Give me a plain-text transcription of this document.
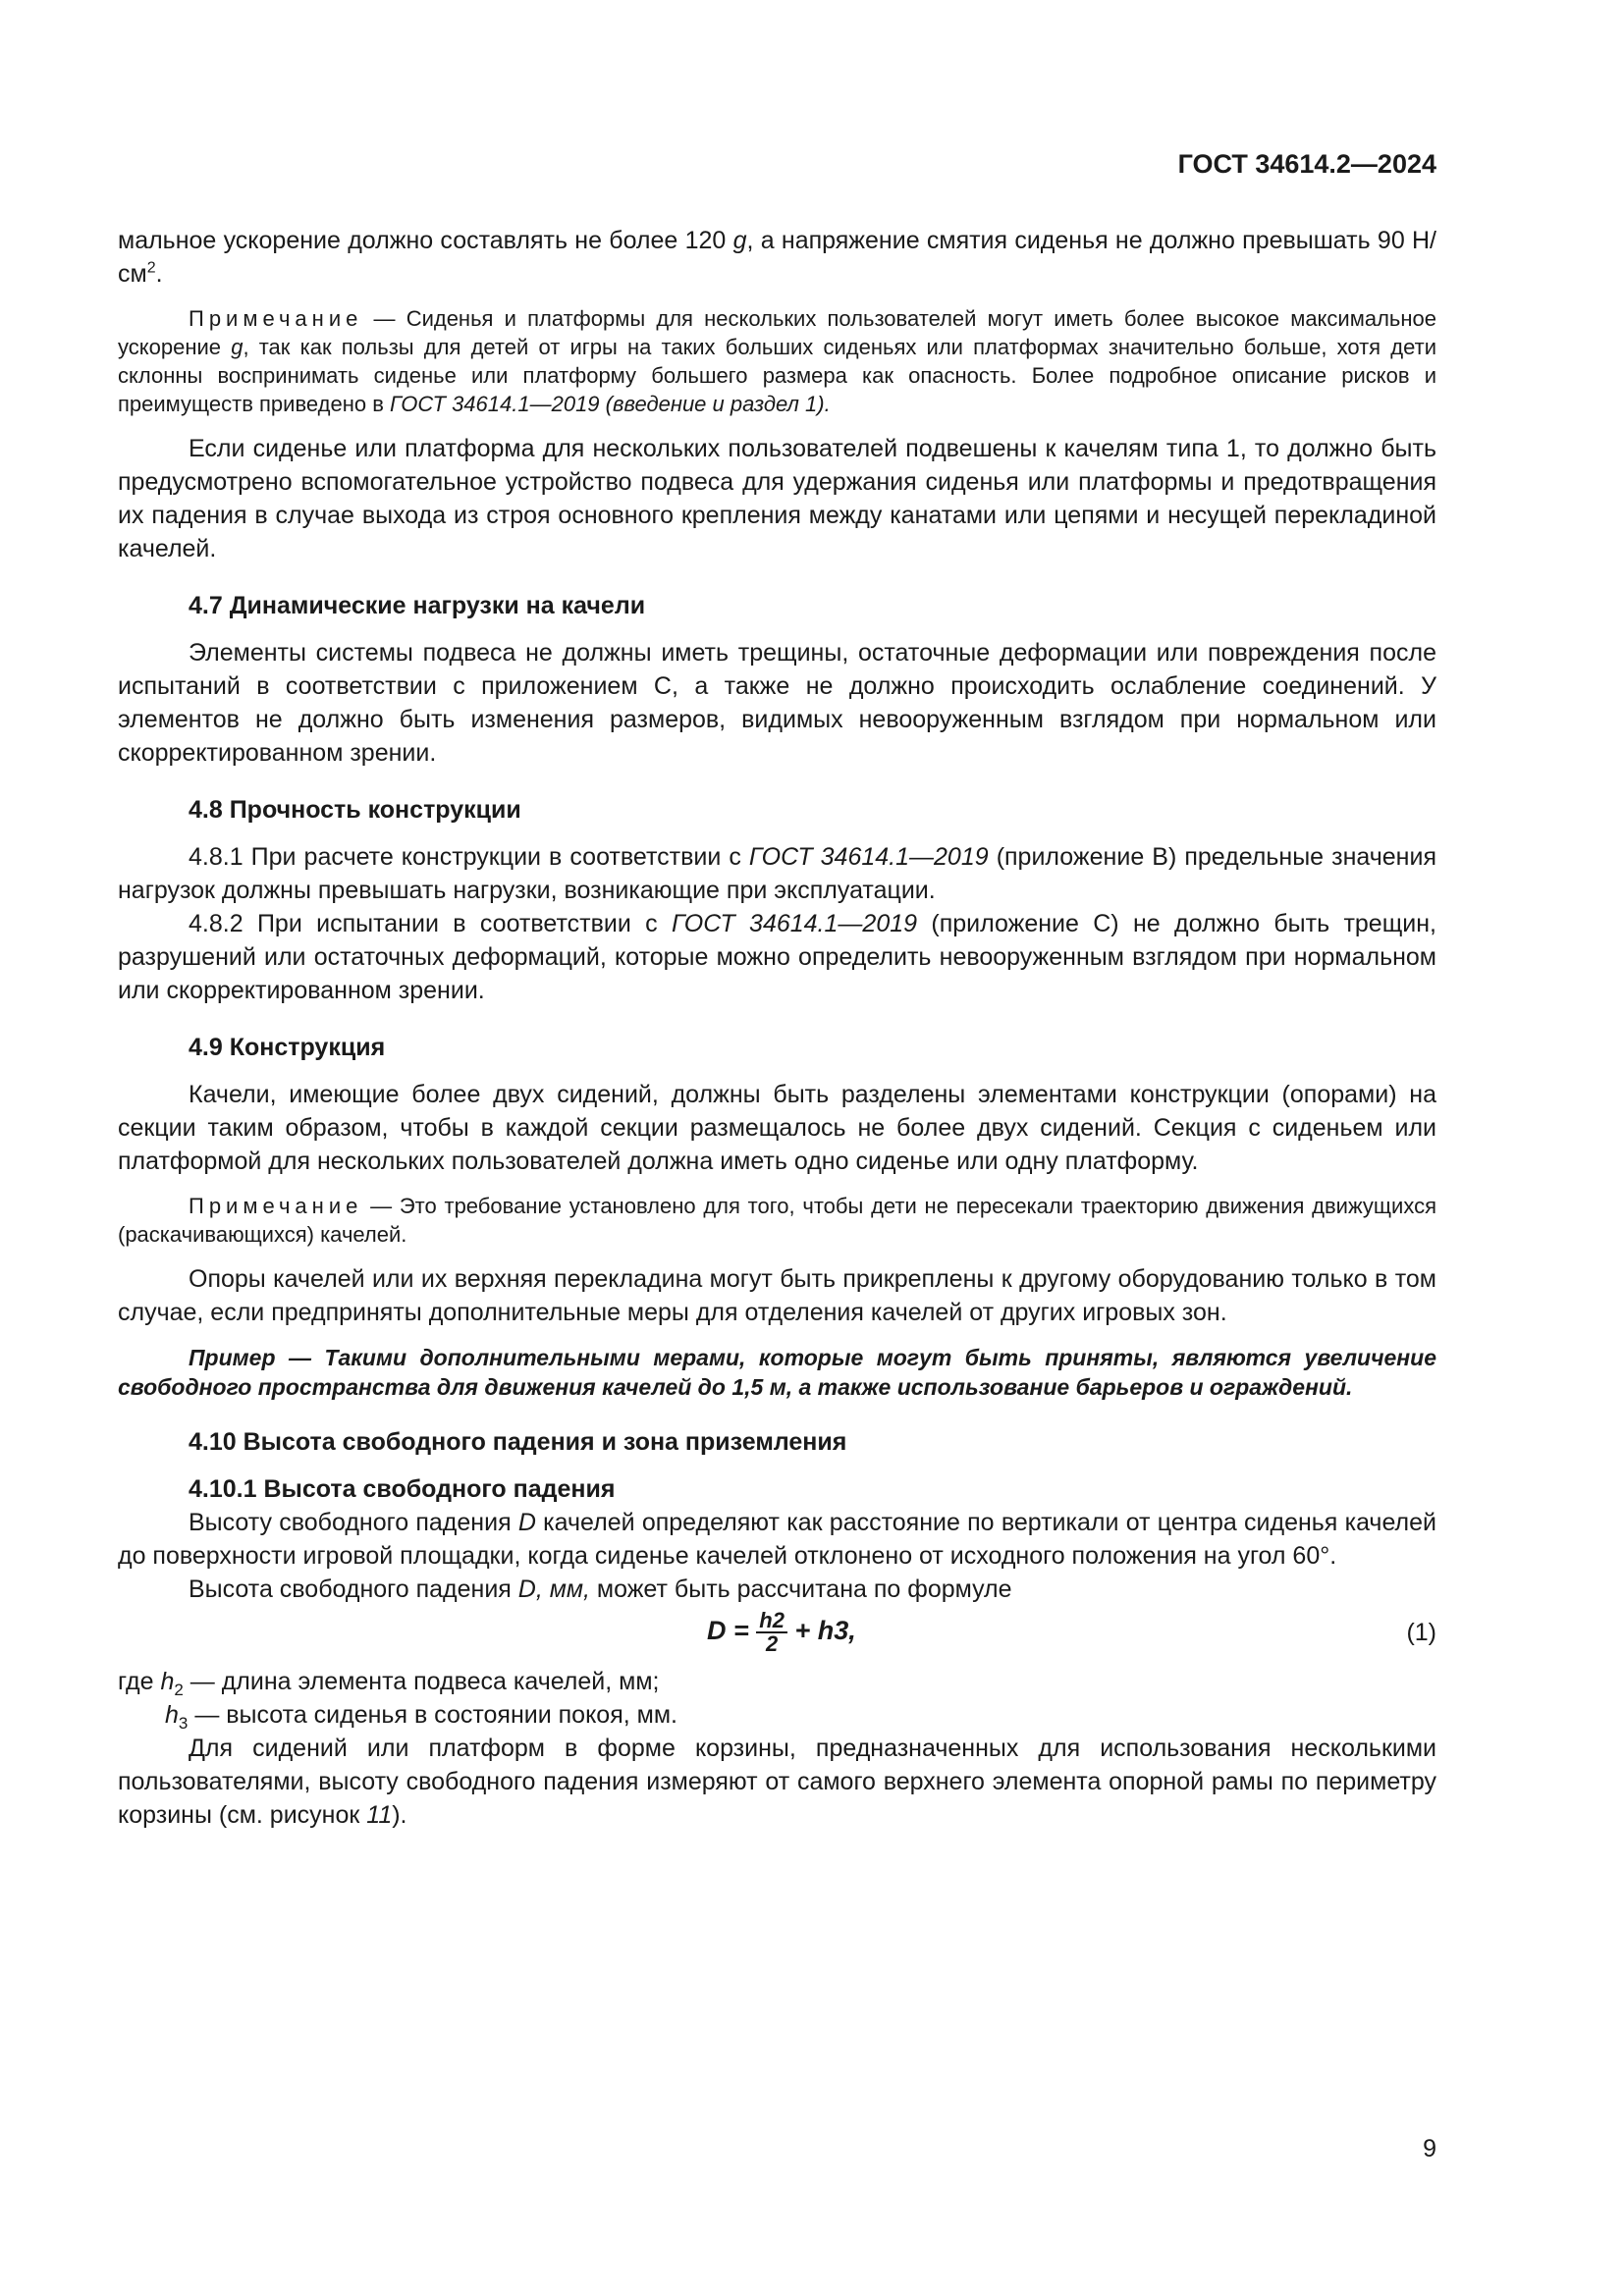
ГОСТ 34614.2—2024

мальное ускорение должно составлять не более 120 g, а напряжение смятия сиденья не должно превышать 90 $Н/см^2$.

Примечание — Сиденья и платформы для нескольких пользователей могут иметь более высокое максимальное ускорение g, так как пользы для детей от игры на таких больших сиденьях или платформах значительно больше, хотя дети склонны воспринимать сиденье или платформу большего размера как опасность. Более подробное описание рисков и преимуществ приведено в ГОСТ 34614.1—2019 (введение и раздел 1).

Если сиденье или платформа для нескольких пользователей подвешены к качелям типа 1, то должно быть предусмотрено вспомогательное устройство подвеса для удержания сиденья или платформы и предотвращения их падения в случае выхода из строя основного крепления между канатами или цепями и несущей перекладиной качелей.

4.7 Динамические нагрузки на качели

Элементы системы подвеса не должны иметь трещины, остаточные деформации или повреждения после испытаний в соответствии с приложением С, а также не должно происходить ослабление соединений. У элементов не должно быть изменения размеров, видимых невооруженным взглядом при нормальном или скорректированном зрении.

4.8 Прочность конструкции

4.8.1 При расчете конструкции в соответствии с ГОСТ 34614.1—2019 (приложение В) предельные значения нагрузок должны превышать нагрузки, возникающие при эксплуатации.

4.8.2 При испытании в соответствии с ГОСТ 34614.1—2019 (приложение С) не должно быть трещин, разрушений или остаточных деформаций, которые можно определить невооруженным взглядом при нормальном или скорректированном зрении.

4.9 Конструкция

Качели, имеющие более двух сидений, должны быть разделены элементами конструкции (опорами) на секции таким образом, чтобы в каждой секции размещалось не более двух сидений. Секция с сиденьем или платформой для нескольких пользователей должна иметь одно сиденье или одну платформу.

Примечание — Это требование установлено для того, чтобы дети не пересекали траекторию движения движущихся (раскачивающихся) качелей.

Опоры качелей или их верхняя перекладина могут быть прикреплены к другому оборудованию только в том случае, если предприняты дополнительные меры для отделения качелей от других игровых зон.

Пример — Такими дополнительными мерами, которые могут быть приняты, являются увеличение свободного пространства для движения качелей до 1,5 м, а также использование барьеров и ограждений.

4.10 Высота свободного падения и зона приземления

4.10.1 Высота свободного падения

Высоту свободного падения D качелей определяют как расстояние по вертикали от центра сиденья качелей до поверхности игровой площадки, когда сиденье качелей отклонено от исходного положения на угол 60°.

Высота свободного падения D, мм, может быть рассчитана по формуле

$D = \frac{h2}{2} + h3$,	(1)

где $h_2$ — длина элемента подвеса качелей, мм;

$h_3$ — высота сиденья в состоянии покоя, мм.

Для сидений или платформ в форме корзины, предназначенных для использования несколькими пользователями, высоту свободного падения измеряют от самого верхнего элемента опорной рамы по периметру корзины (см. рисунок 11).

9
